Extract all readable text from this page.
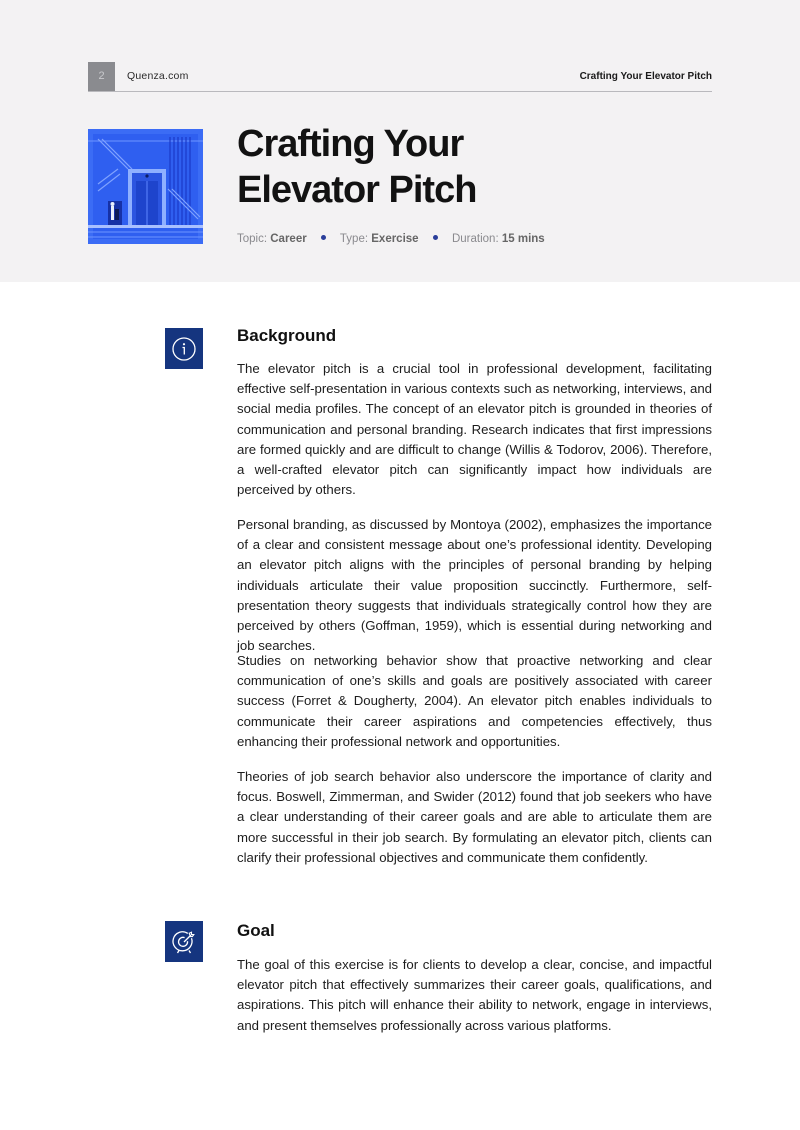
2	Quenza.com	Crafting Your Elevator Pitch
Crafting Your
Elevator Pitch
Topic: Career	Type: Exercise	Duration: 15 mins
Background

The elevator pitch is a crucial tool in professional development, facilitating effective self-presentation in various contexts such as networking, interviews, and social media profiles. The concept of an elevator pitch is grounded in theories of communication and personal branding. Research indicates that first impressions are formed quickly and are difficult to change (Willis & Todorov, 2006). Therefore, a well-crafted elevator pitch can significantly impact how individuals are perceived by others.

Personal branding, as discussed by Montoya (2002), emphasizes the importance of a clear and consistent message about one’s professional identity. Developing an elevator pitch aligns with the principles of personal branding by helping individuals articulate their value proposition succinctly. Furthermore, self-presentation theory suggests that individuals strategically control how they are perceived by others (Goffman, 1959), which is essential during networking and job searches.

Studies on networking behavior show that proactive networking and clear communication of one’s skills and goals are positively associated with career success (Forret & Dougherty, 2004). An elevator pitch enables individuals to communicate their career aspirations and competencies effectively, thus enhancing their professional network and opportunities.

Theories of job search behavior also underscore the importance of clarity and focus. Boswell, Zimmerman, and Swider (2012) found that job seekers who have a clear understanding of their career goals and are able to articulate them are more successful in their job search. By formulating an elevator pitch, clients can clarify their professional objectives and communicate them confidently.

Goal

The goal of this exercise is for clients to develop a clear, concise, and impactful elevator pitch that effectively summarizes their career goals, qualifications, and aspirations. This pitch will enhance their ability to network, engage in interviews, and present themselves professionally across various platforms.
